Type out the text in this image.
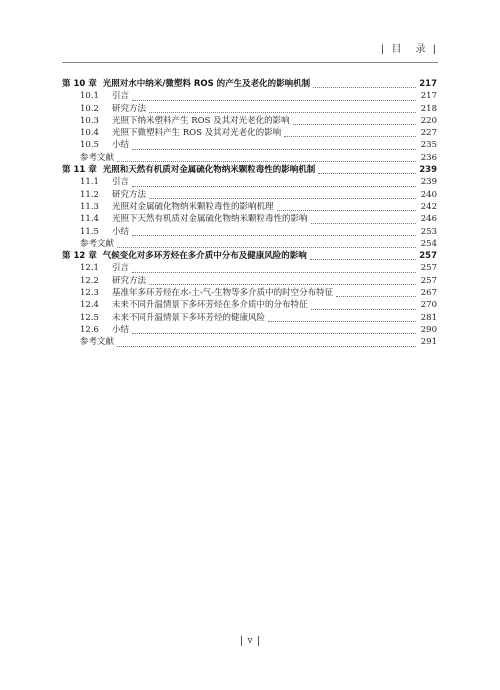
| 目　录 |
第 10 章 光照对水中纳米/微塑料 ROS 的产生及老化的影响机制	217
10.1	引言	217
10.2	研究方法	218
10.3	光照下纳米塑料产生 ROS 及其对光老化的影响	220
10.4	光照下微塑料产生 ROS 及其对光老化的影响	227
10.5	小结	235
参考文献	236
第 11 章 光照和天然有机质对金属硫化物纳米颗粒毒性的影响机制	239
11.1	引言	239
11.2	研究方法	240
11.3	光照对金属硫化物纳米颗粒毒性的影响机理	242
11.4	光照下天然有机质对金属硫化物纳米颗粒毒性的影响	246
11.5	小结	253
参考文献	254
第 12 章 气候变化对多环芳烃在多介质中分布及健康风险的影响	257
12.1	引言	257
12.2	研究方法	257
12.3	基准年多环芳烃在水-土-气-生物等多介质中的时空分布特征	267
12.4	未来不同升温情景下多环芳烃在多介质中的分布特征	270
12.5	未来不同升温情景下多环芳烃的健康风险	281
12.6	小结	290
参考文献	291
v
